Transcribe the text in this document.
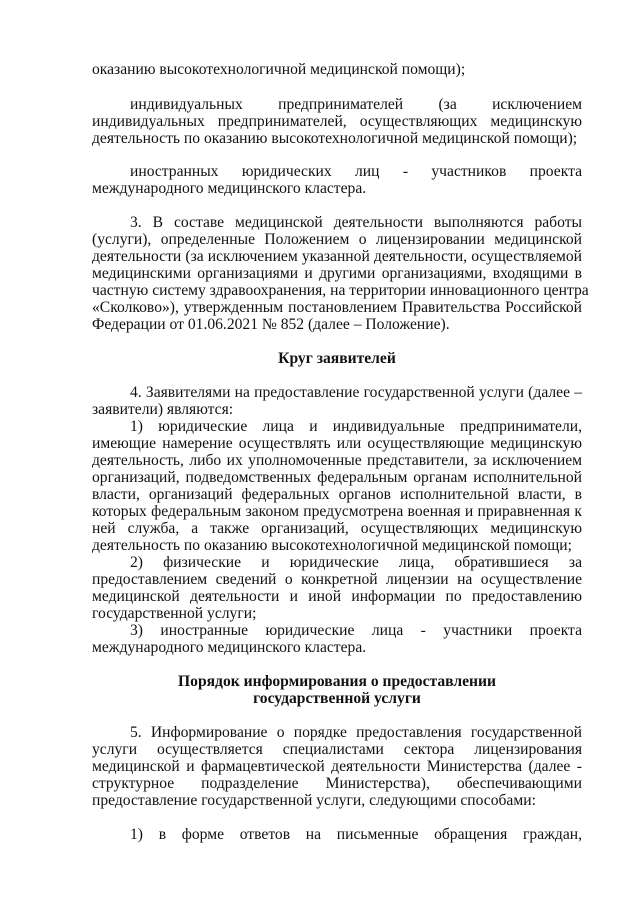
оказанию высокотехнологичной медицинской помощи);
индивидуальных предпринимателей (за исключением
индивидуальных предпринимателей, осуществляющих медицинскую
деятельность по оказанию высокотехнологичной медицинской помощи);
иностранных юридических лиц - участников проекта
международного медицинского кластера.
3. В составе медицинской деятельности выполняются работы
(услуги), определенные Положением о лицензировании медицинской
деятельности (за исключением указанной деятельности, осуществляемой
медицинскими организациями и другими организациями, входящими в
частную систему здравоохранения, на территории инновационного центра
«Сколково»), утвержденным постановлением Правительства Российской
Федерации от 01.06.2021 № 852 (далее – Положение).
Круг заявителей
4. Заявителями на предоставление государственной услуги (далее –
заявители) являются:
1) юридические лица и индивидуальные предприниматели,
имеющие намерение осуществлять или осуществляющие медицинскую
деятельность, либо их уполномоченные представители, за исключением
организаций, подведомственных федеральным органам исполнительной
власти, организаций федеральных органов исполнительной власти, в
которых федеральным законом предусмотрена военная и приравненная к
ней служба, а также организаций, осуществляющих медицинскую
деятельность по оказанию высокотехнологичной медицинской помощи;
2) физические и юридические лица, обратившиеся за
предоставлением сведений о конкретной лицензии на осуществление
медицинской деятельности и иной информации по предоставлению
государственной услуги;
3) иностранные юридические лица - участники проекта
международного медицинского кластера.
Порядок информирования о предоставлении
государственной услуги
5. Информирование о порядке предоставления государственной
услуги осуществляется специалистами сектора лицензирования
медицинской и фармацевтической деятельности Министерства (далее -
структурное подразделение Министерства), обеспечивающими
предоставление государственной услуги, следующими способами:
1) в форме ответов на письменные обращения граждан,
